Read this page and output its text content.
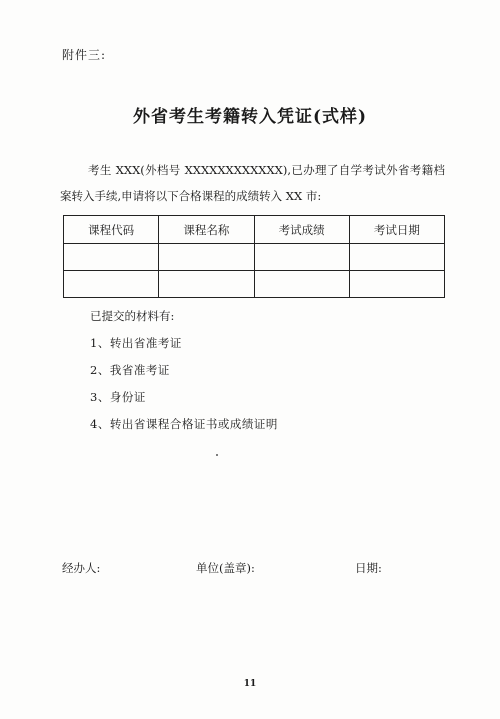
附件三:
外省考生考籍转入凭证(式样)
考生 XXX(外档号 XXXXXXXXXXXX),已办理了自学考试外省考籍档案转入手续,申请将以下合格课程的成绩转入 XX 市:
课程代码	课程名称	考试成绩	考试日期

已提交的材料有:
1、转出省准考证
2、我省准考证
3、身份证
4、转出省课程合格证书或成绩证明
经办人:	单位(盖章):	日期:
11
